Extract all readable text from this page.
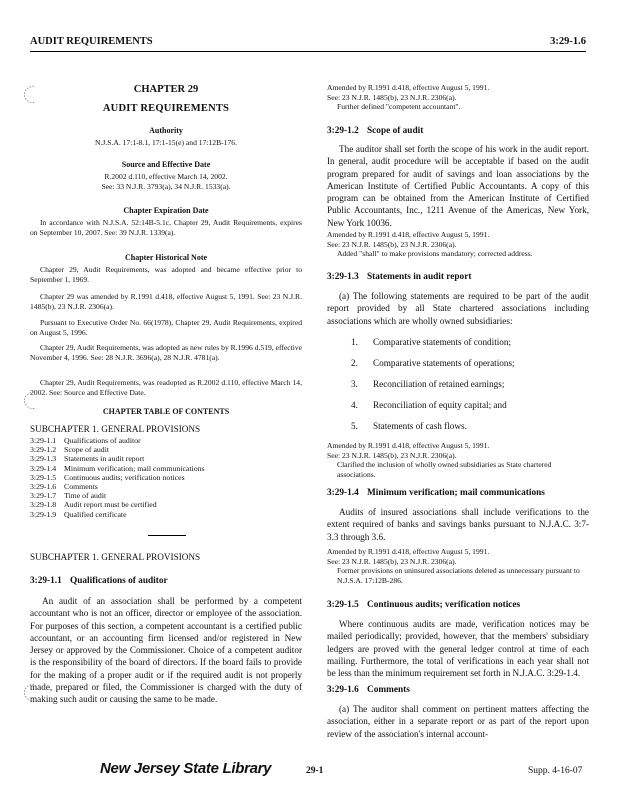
AUDIT REQUIREMENTS	3:29-1.6
CHAPTER 29
AUDIT REQUIREMENTS
Authority
N.J.S.A. 17:1-8.1, 17:1-15(e) and 17:12B-176.
Source and Effective Date
R.2002 d.110, effective March 14, 2002.
See: 33 N.J.R. 3793(a), 34 N.J.R. 1533(a).
Chapter Expiration Date
In accordance with N.J.S.A. 52:14B-5.1c, Chapter 29, Audit Requirements, expires on September 10, 2007. See: 39 N.J.R. 1339(a).
Chapter Historical Note
Chapter 29, Audit Requirements, was adopted and became effective prior to September 1, 1969.
Chapter 29 was amended by R.1991 d.418, effective August 5, 1991. See: 23 N.J.R. 1485(b), 23 N.J.R. 2306(a).
Pursuant to Executive Order No. 66(1978), Chapter 29, Audit Requirements, expired on August 5, 1996.
Chapter 29, Audit Requirements, was adopted as new rules by R.1996 d.519, effective November 4, 1996. See: 28 N.J.R. 3696(a), 28 N.J.R. 4781(a).
Chapter 29, Audit Requirements, was readopted as R.2002 d.110, effective March 14, 2002. See: Source and Effective Date.
CHAPTER TABLE OF CONTENTS
SUBCHAPTER 1. GENERAL PROVISIONS
3:29-1.1 Qualifications of auditor
3:29-1.2 Scope of audit
3:29-1.3 Statements in audit report
3:29-1.4 Minimum verification; mail communications
3:29-1.5 Continuous audits; verification notices
3:29-1.6 Comments
3:29-1.7 Time of audit
3:29-1.8 Audit report must be certified
3:29-1.9 Qualified certificate
SUBCHAPTER 1. GENERAL PROVISIONS
3:29-1.1 Qualifications of auditor
An audit of an association shall be performed by a competent accountant who is not an officer, director or employee of the association. For purposes of this section, a competent accountant is a certified public accountant, or an accounting firm licensed and/or registered in New Jersey or approved by the Commissioner. Choice of a competent auditor is the responsibility of the board of directors. If the board fails to provide for the making of a proper audit or if the required audit is not properly made, prepared or filed, the Commissioner is charged with the duty of making such audit or causing the same to be made.
Amended by R.1991 d.418, effective August 5, 1991.
See: 23 N.J.R. 1485(b), 23 N.J.R. 2306(a).
Further defined "competent accountant".
3:29-1.2 Scope of audit
The auditor shall set forth the scope of his work in the audit report. In general, audit procedure will be acceptable if based on the audit program prepared for audit of savings and loan associations by the American Institute of Certified Public Accountants. A copy of this program can be obtained from the American Institute of Certified Public Accountants, Inc., 1211 Avenue of the Americas, New York, New York 10036.
Amended by R.1991 d.418, effective August 5, 1991.
See: 23 N.J.R. 1485(b), 23 N.J.R. 2306(a).
Added "shall" to make provisions mandatory; corrected address.
3:29-1.3 Statements in audit report
(a) The following statements are required to be part of the audit report provided by all State chartered associations including associations which are wholly owned subsidiaries:
1. Comparative statements of condition;
2. Comparative statements of operations;
3. Reconciliation of retained earnings;
4. Reconciliation of equity capital; and
5. Statements of cash flows.
Amended by R.1991 d.418, effective August 5, 1991.
See: 23 N.J.R. 1485(b), 23 N.J.R. 2306(a).
Clarified the inclusion of wholly owned subsidiaries as State chartered associations.
3:29-1.4 Minimum verification; mail communications
Audits of insured associations shall include verifications to the extent required of banks and savings banks pursuant to N.J.A.C. 3:7-3.3 through 3.6.
Amended by R.1991 d.418, effective August 5, 1991.
See: 23 N.J.R. 1485(b), 23 N.J.R. 2306(a).
Former provisions on uninsured associations deleted as unnecessary pursuant to N.J.S.A. 17:12B-286.
3:29-1.5 Continuous audits; verification notices
Where continuous audits are made, verification notices may be mailed periodically; provided, however, that the members' subsidiary ledgers are proved with the general ledger control at time of each mailing. Furthermore, the total of verifications in each year shall not be less than the minimum requirement set forth in N.J.A.C. 3:29-1.4.
3:29-1.6 Comments
(a) The auditor shall comment on pertinent matters affecting the association, either in a separate report or as part of the report upon review of the association's internal account-
New Jersey State Library	29-1	Supp. 4-16-07
